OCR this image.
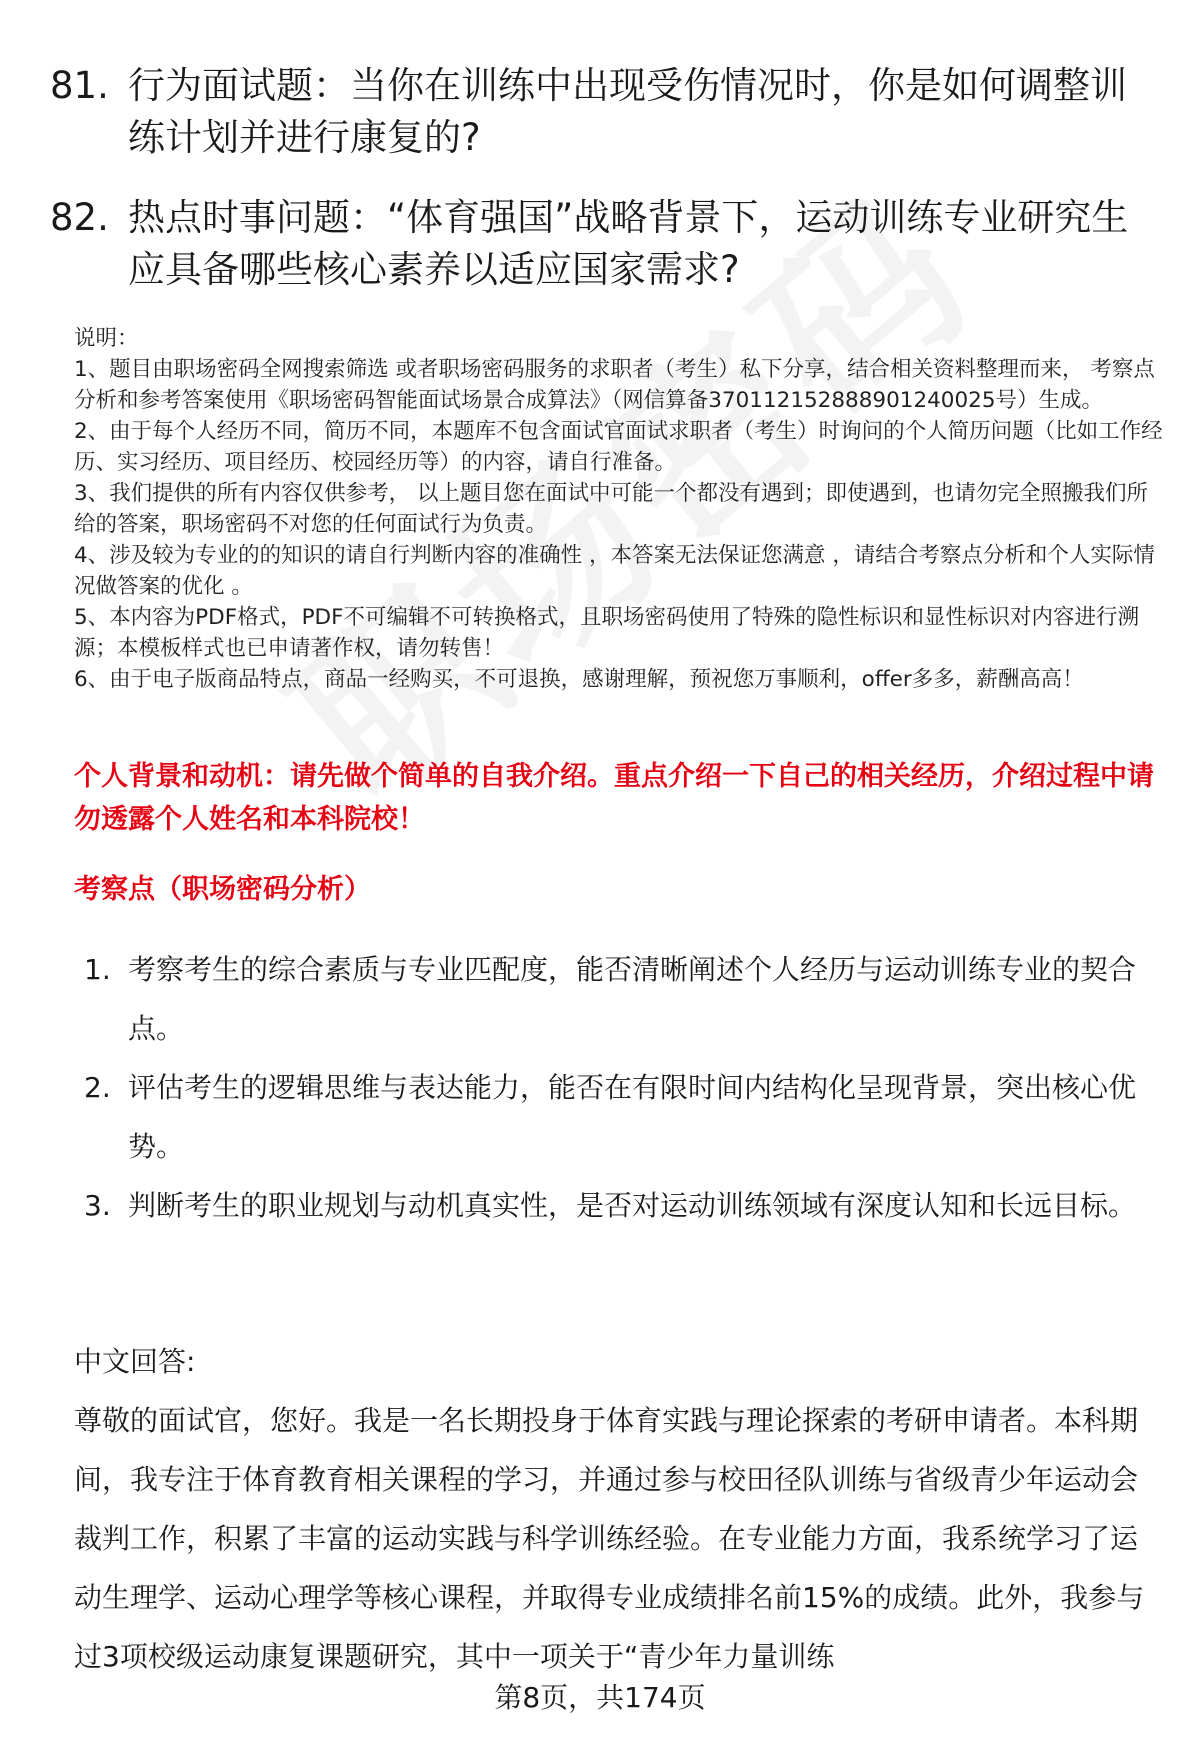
81. 行为面试题：当你在训练中出现受伤情况时，你是如何调整训练计划并进行康复的?
82. 热点时事问题：“体育强国”战略背景下，运动训练专业研究生应具备哪些核心素养以适应国家需求?

说明：

1、题目由职场密码全网搜索筛选 或者职场密码服务的求职者（考生）私下分享，结合相关资料整理而来， 考察点分析和参考答案使用《职场密码智能面试场景合成算法》（网信算备370112152888901240025号）生成。

2、由于每个人经历不同，简历不同，本题库不包含面试官面试求职者（考生）时询问的个人简历问题（比如工作经历、实习经历、项目经历、校园经历等）的内容，请自行准备。

3、我们提供的所有内容仅供参考， 以上题目您在面试中可能一个都没有遇到；即使遇到，也请勿完全照搬我们所给的答案，职场密码不对您的任何面试行为负责。

4、涉及较为专业的的知识的请自行判断内容的准确性 ，本答案无法保证您满意 ，请结合考察点分析和个人实际情况做答案的优化 。

5、本内容为PDF格式，PDF不可编辑不可转换格式，且职场密码使用了特殊的隐性标识和显性标识对内容进行溯源；本模板样式也已申请著作权，请勿转售！

6、由于电子版商品特点，商品一经购买，不可退换，感谢理解，预祝您万事顺利，offer多多，薪酬高高！

个人背景和动机：请先做个简单的自我介绍。重点介绍一下自己的相关经历，介绍过程中请勿透露个人姓名和本科院校！
考察点（职场密码分析）
1. 考察考生的综合素质与专业匹配度，能否清晰阐述个人经历与运动训练专业的契合点。
2. 评估考生的逻辑思维与表达能力，能否在有限时间内结构化呈现背景，突出核心优势。
3. 判断考生的职业规划与动机真实性，是否对运动训练领域有深度认知和长远目标。
中文回答:

尊敬的面试官，您好。我是一名长期投身于体育实践与理论探索的考研申请者。本科期间，我专注于体育教育相关课程的学习，并通过参与校田径队训练与省级青少年运动会裁判工作，积累了丰富的运动实践与科学训练经验。在专业能力方面，我系统学习了运动生理学、运动心理学等核心课程，并取得专业成绩排名前15%的成绩。此外，我参与过3项校级运动康复课题研究，其中一项关于“青少年力量训练

第8页，共174页
